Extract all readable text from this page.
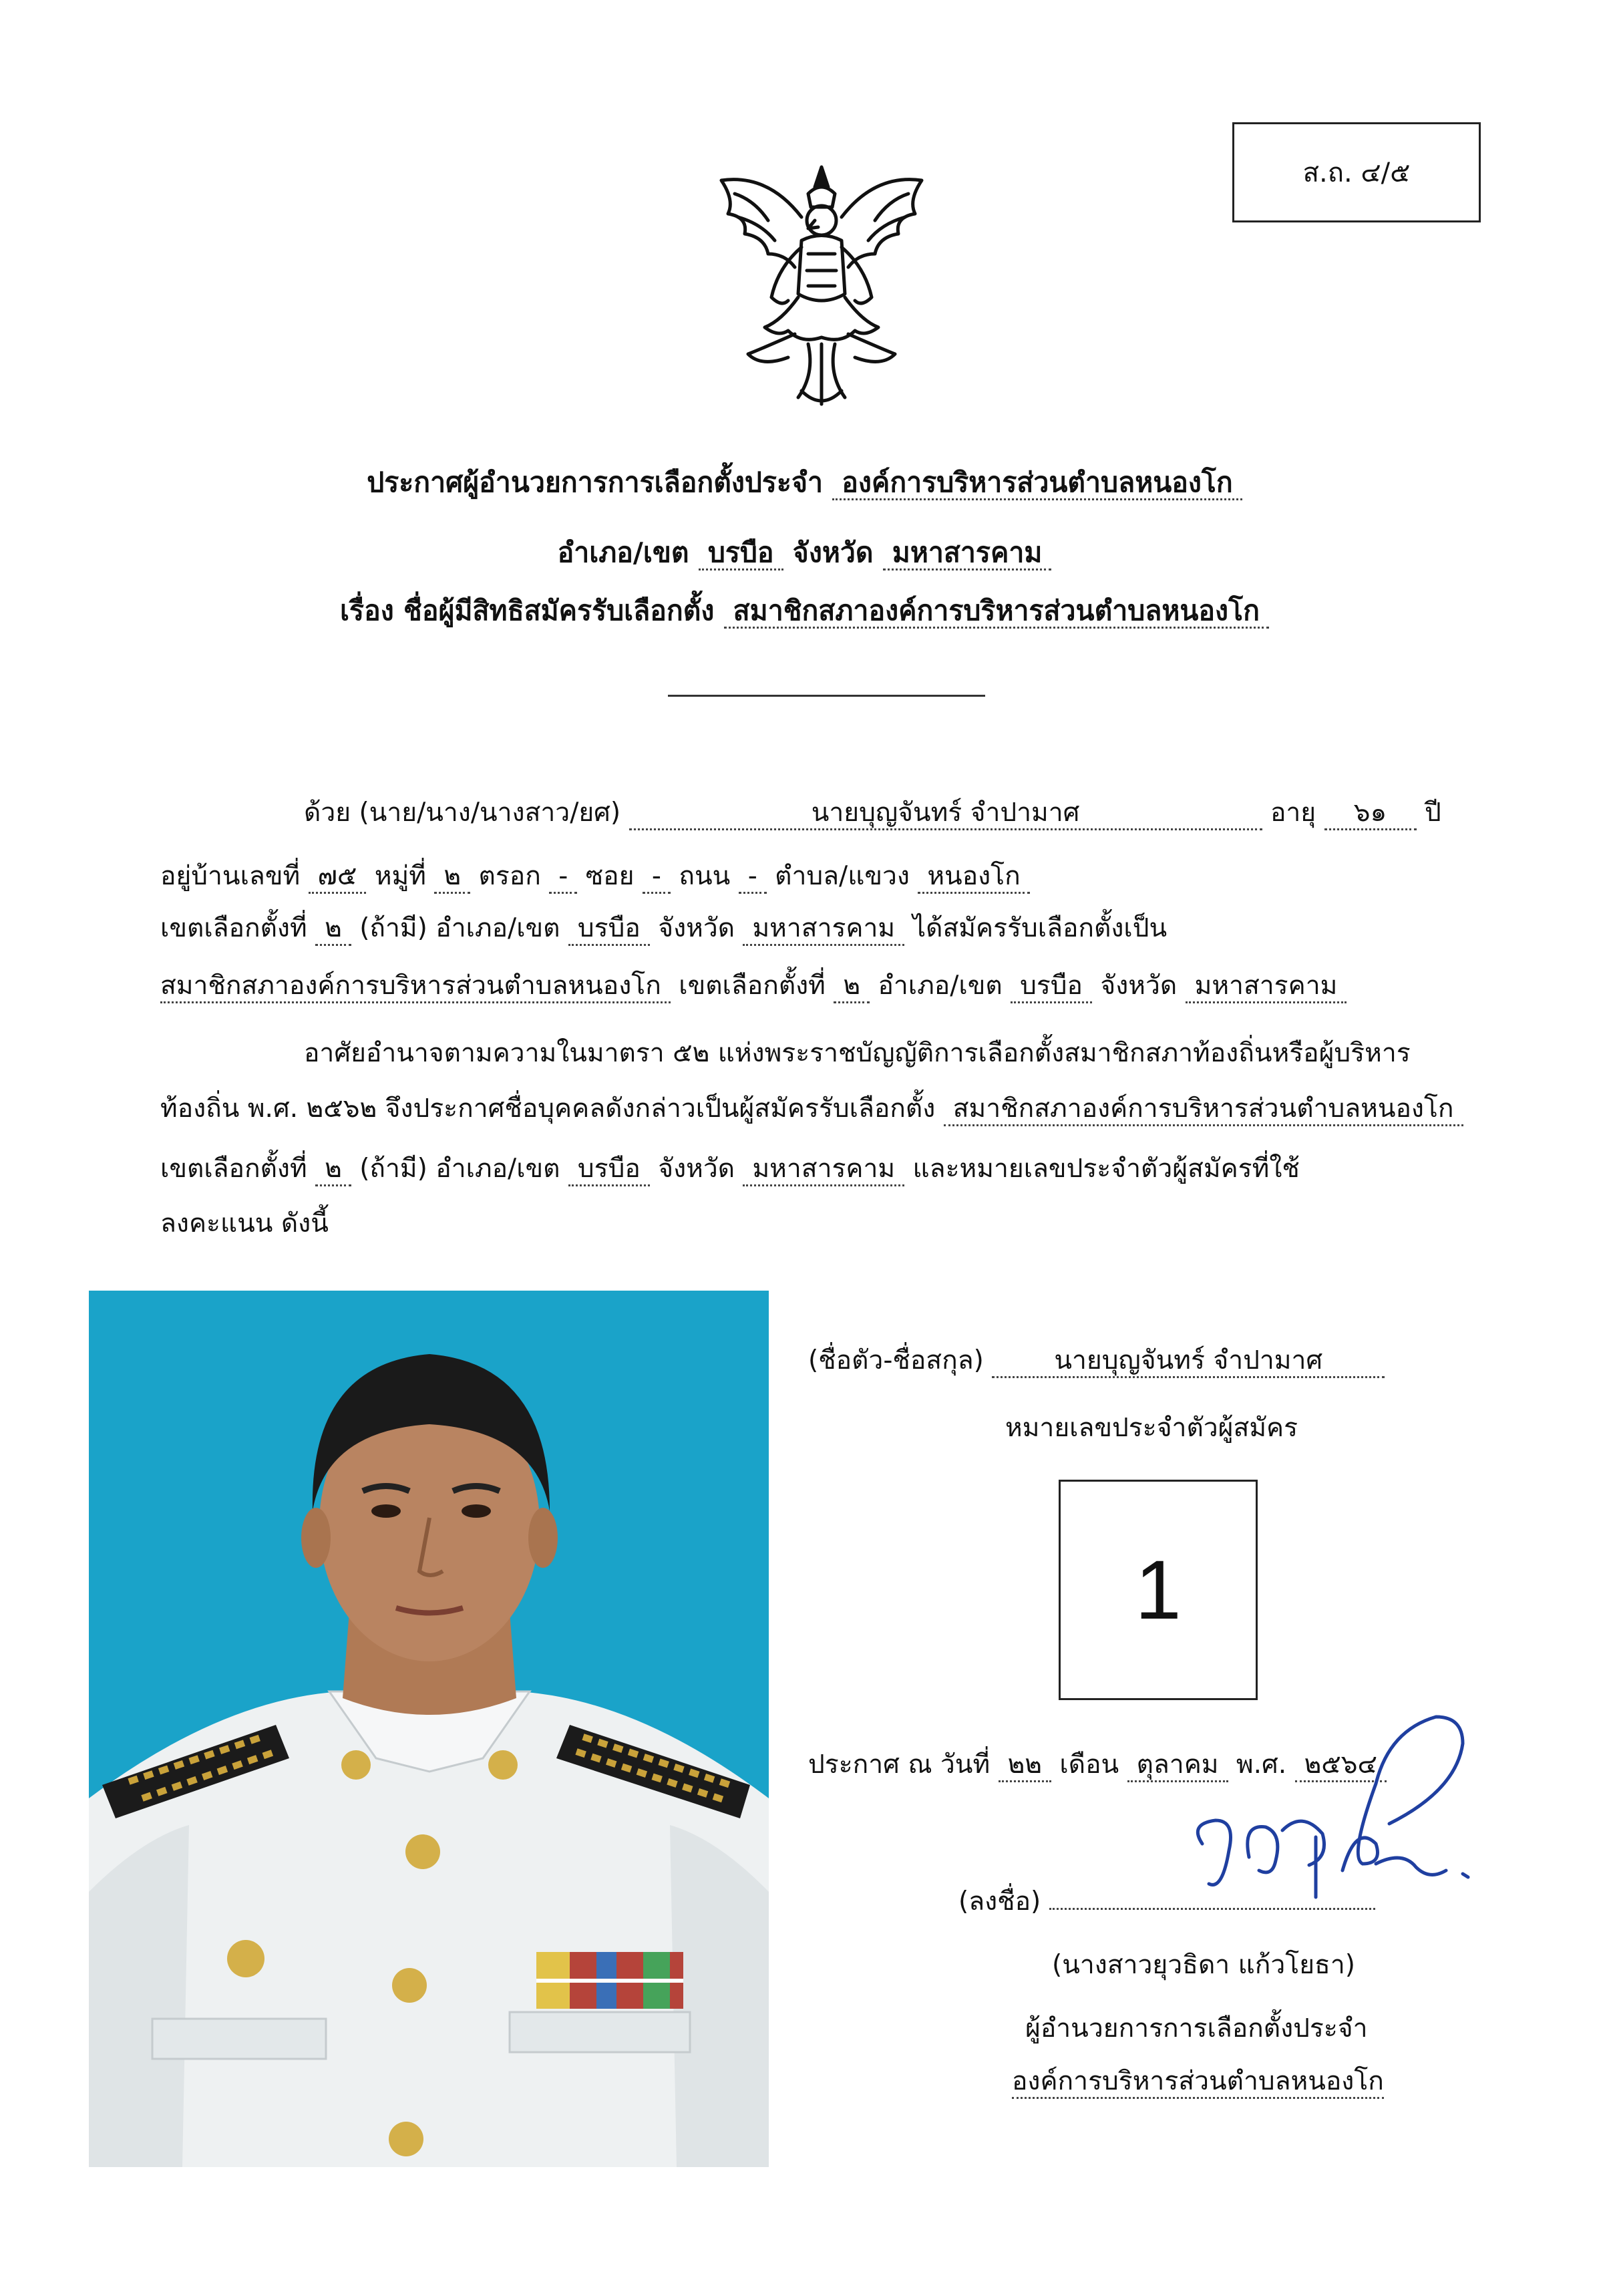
ส.ถ. ๔/๕
ประกาศผู้อำนวยการการเลือกตั้งประจำ องค์การบริหารส่วนตำบลหนองโก
อำเภอ/เขต บรบือ จังหวัด มหาสารคาม
เรื่อง ชื่อผู้มีสิทธิสมัครรับเลือกตั้ง สมาชิกสภาองค์การบริหารส่วนตำบลหนองโก
ด้วย (นาย/นาง/นางสาว/ยศ)	นายบุญจันทร์ จำปามาศ	อายุ ๖๑ ปี
อยู่บ้านเลขที่ ๗๕ หมู่ที่ ๒ ตรอก - ซอย - ถนน - ตำบล/แขวง หนองโก
เขตเลือกตั้งที่ ๒ (ถ้ามี) อำเภอ/เขต บรบือ จังหวัด มหาสารคาม ได้สมัครรับเลือกตั้งเป็น
สมาชิกสภาองค์การบริหารส่วนตำบลหนองโก เขตเลือกตั้งที่ ๒ อำเภอ/เขต บรบือ จังหวัด มหาสารคาม
อาศัยอำนาจตามความในมาตรา ๕๒ แห่งพระราชบัญญัติการเลือกตั้งสมาชิกสภาท้องถิ่นหรือผู้บริหาร
ท้องถิ่น พ.ศ. ๒๕๖๒ จึงประกาศชื่อบุคคลดังกล่าวเป็นผู้สมัครรับเลือกตั้ง สมาชิกสภาองค์การบริหารส่วนตำบลหนองโก
เขตเลือกตั้งที่ ๒ (ถ้ามี) อำเภอ/เขต บรบือ จังหวัด มหาสารคาม และหมายเลขประจำตัวผู้สมัครที่ใช้
ลงคะแนน ดังนี้
(ชื่อตัว-ชื่อสกุล)	นายบุญจันทร์ จำปามาศ
หมายเลขประจำตัวผู้สมัคร
1
ประกาศ ณ วันที่ ๒๒ เดือน ตุลาคม พ.ศ. ๒๕๖๔
(ลงชื่อ)
(นางสาวยุวธิดา แก้วโยธา)
ผู้อำนวยการการเลือกตั้งประจำ
องค์การบริหารส่วนตำบลหนองโก
